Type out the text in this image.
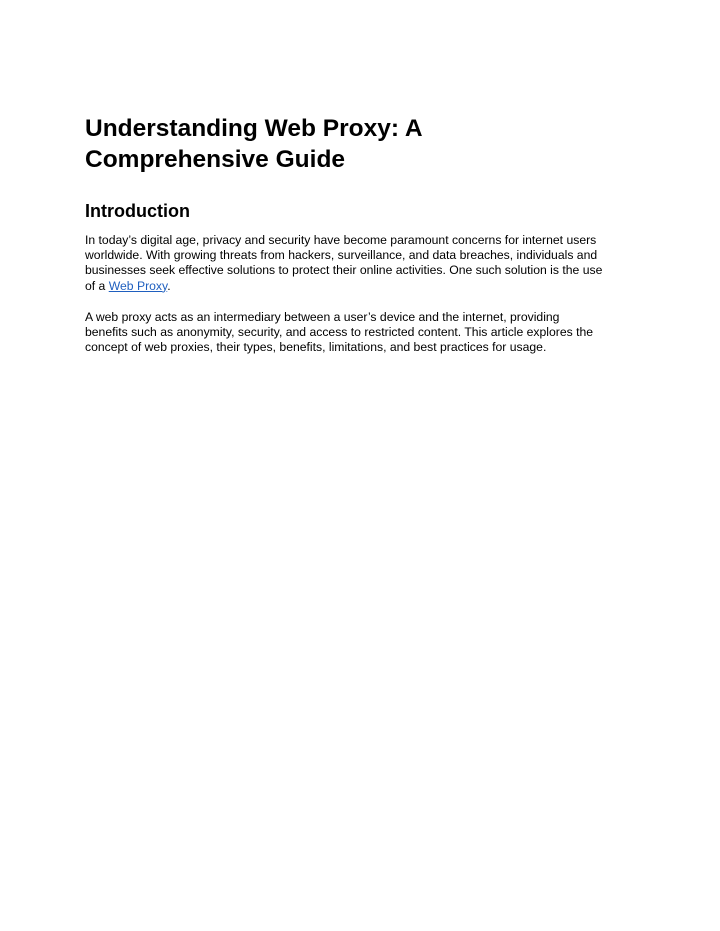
Understanding Web Proxy: A
Comprehensive Guide
Introduction

In today’s digital age, privacy and security have become paramount concerns for internet users
worldwide. With growing threats from hackers, surveillance, and data breaches, individuals and
businesses seek effective solutions to protect their online activities. One such solution is the use
of a Web Proxy.

A web proxy acts as an intermediary between a user’s device and the internet, providing
benefits such as anonymity, security, and access to restricted content. This article explores the
concept of web proxies, their types, benefits, limitations, and best practices for usage.
